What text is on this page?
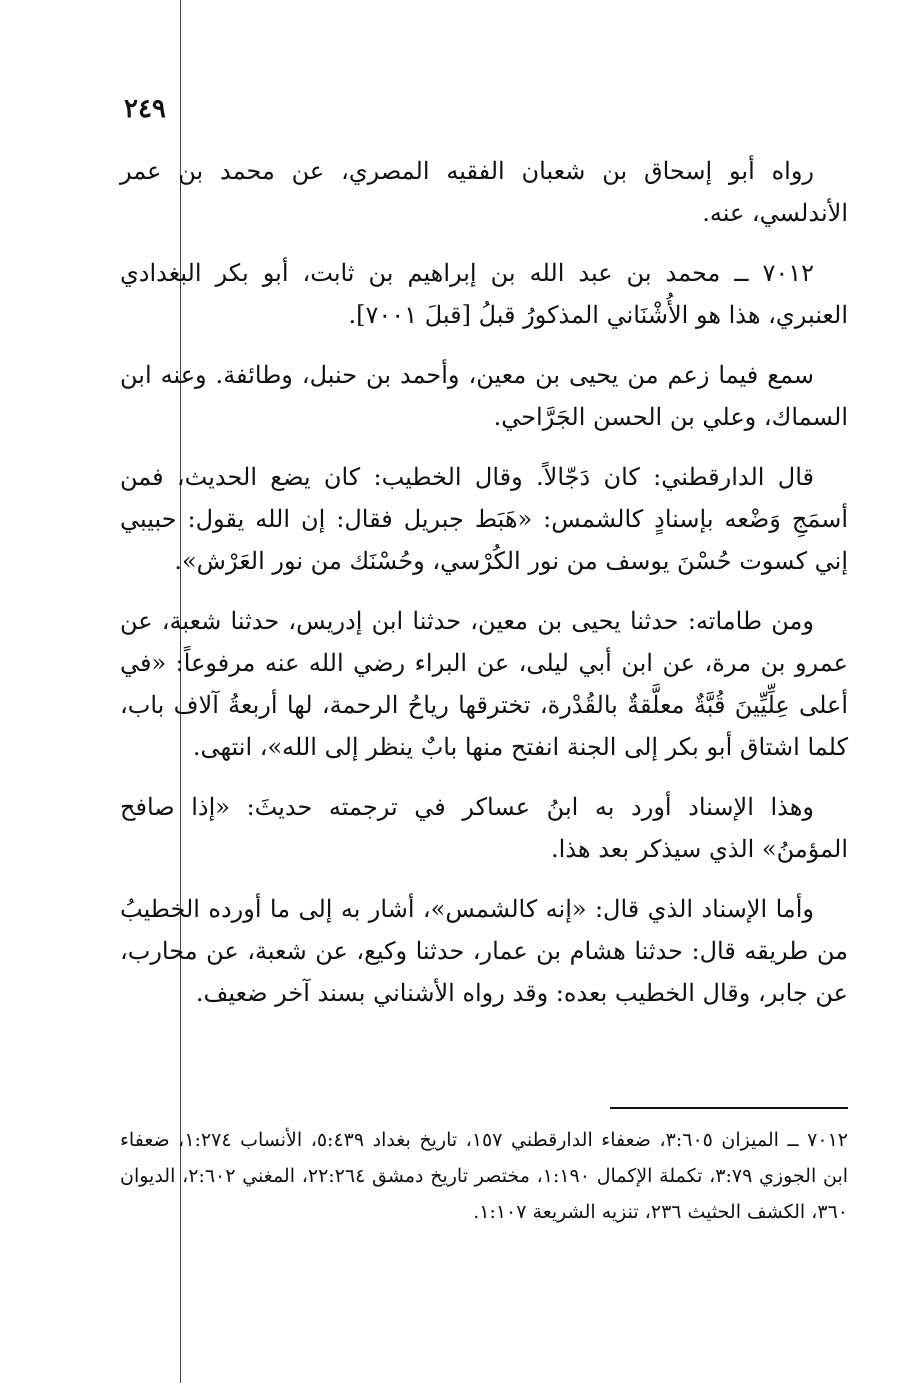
٢٤٩

رواه أبو إسحاق بن شعبان الفقيه المصري، عن محمد بن عمر الأندلسي، عنه.

٧٠١٢ ــ محمد بن عبد الله بن إبراهيم بن ثابت، أبو بكر البغدادي العنبري، هذا هو الأُشْنَاني المذكورُ قبلُ [قبلَ ٧٠٠١].

سمع فيما زعم من يحيى بن معين، وأحمد بن حنبل، وطائفة. وعنه ابن السماك، وعلي بن الحسن الجَرَّاحي.

قال الدارقطني: كان دَجّالاً. وقال الخطيب: كان يضع الحديث، فمن أسمَجِ وَضْعه بإسنادٍ كالشمس: «هَبَط جبريل فقال: إن الله يقول: حبيبي إني كسوت حُسْنَ يوسف من نور الكُرْسي، وحُسْنَك من نور العَرْش».

ومن طاماته: حدثنا يحيى بن معين، حدثنا ابن إدريس، حدثنا شعبة، عن عمرو بن مرة، عن ابن أبي ليلى، عن البراء رضي الله عنه مرفوعاً: «في أعلى عِلِّيِّينَ قُبَّةٌ معلَّقةٌ بالقُدْرة، تخترقها رياحُ الرحمة، لها أربعةُ آلاف باب، كلما اشتاق أبو بكر إلى الجنة انفتح منها بابٌ ينظر إلى الله»، انتهى.

وهذا الإسناد أورد به ابنُ عساكر في ترجمته حديثَ: «إذا صافح المؤمنُ» الذي سيذكر بعد هذا.

وأما الإسناد الذي قال: «إنه كالشمس»، أشار به إلى ما أورده الخطيبُ من طريقه قال: حدثنا هشام بن عمار، حدثنا وكيع، عن شعبة، عن محارب، عن جابر، وقال الخطيب بعده: وقد رواه الأشناني بسند آخر ضعيف.

٧٠١٢ ــ الميزان ٣:٦٠٥، ضعفاء الدارقطني ١٥٧، تاريخ بغداد ٥:٤٣٩، الأنساب ١:٢٧٤، ضعفاء ابن الجوزي ٣:٧٩، تكملة الإكمال ١:١٩٠، مختصر تاريخ دمشق ٢٢:٢٦٤، المغني ٢:٦٠٢، الديوان ٣٦٠، الكشف الحثيث ٢٣٦، تنزيه الشريعة ١:١٠٧.
